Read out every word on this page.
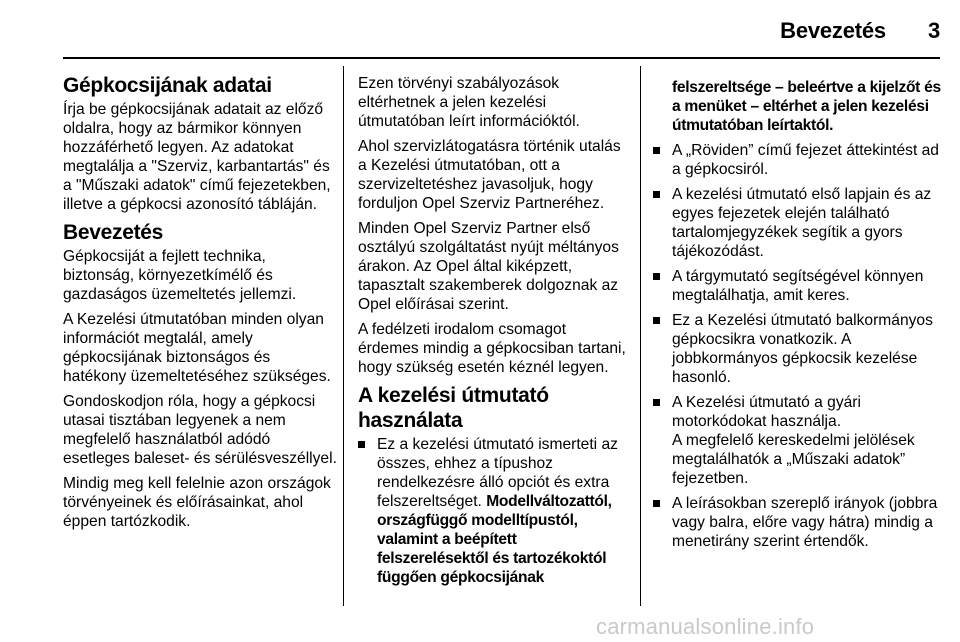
Bevezetés 3
Gépkocsijának adatai

Írja be gépkocsijának adatait az előző oldalra, hogy az bármikor könnyen hozzáférhető legyen. Az adatokat megtalálja a "Szerviz, karbantartás" és a "Műszaki adatok" című fejezetekben, illetve a gépkocsi azonosító tábláján.

Bevezetés

Gépkocsiját a fejlett technika, biztonság, környezetkímélő és gazdaságos üzemeltetés jellemzi.

A Kezelési útmutatóban minden olyan információt megtalál, amely gépkocsijának biztonságos és hatékony üzemeltetéséhez szükséges.

Gondoskodjon róla, hogy a gépkocsi utasai tisztában legyenek a nem megfelelő használatból adódó esetleges baleset- és sérülésveszéllyel.

Mindig meg kell felelnie azon országok törvényeinek és előírásainkat, ahol éppen tartózkodik.

Ezen törvényi szabályozások eltérhetnek a jelen kezelési útmutatóban leírt információktól.

Ahol szervizlátogatásra történik utalás a Kezelési útmutatóban, ott a szervizeltetéshez javasoljuk, hogy forduljon Opel Szerviz Partneréhez.

Minden Opel Szerviz Partner első osztályú szolgáltatást nyújt méltányos árakon. Az Opel által kiképzett, tapasztalt szakemberek dolgoznak az Opel előírásai szerint.

A fedélzeti irodalom csomagot érdemes mindig a gépkocsiban tartani, hogy szükség esetén kéznél legyen.

A kezelési útmutató használata
Ez a kezelési útmutató ismerteti az összes, ehhez a típushoz rendelkezésre álló opciót és extra felszereltséget. Modellváltozattól, országfüggő modelltípustól, valamint a beépített felszerelésektől és tartozékoktól függően gépkocsijának
felszereltsége – beleértve a kijelzőt és a menüket – eltérhet a jelen kezelési útmutatóban leírtaktól.
A „Röviden” című fejezet áttekintést ad a gépkocsiról.
A kezelési útmutató első lapjain és az egyes fejezetek elején található tartalomjegyzékek segítik a gyors tájékozódást.
A tárgymutató segítségével könnyen megtalálhatja, amit keres.
Ez a Kezelési útmutató balkormányos gépkocsikra vonatkozik. A jobbkormányos gépkocsik kezelése hasonló.
A Kezelési útmutató a gyári motorkódokat használja.
A megfelelő kereskedelmi jelölések megtalálhatók a „Műszaki adatok” fejezetben.
A leírásokban szereplő irányok (jobbra vagy balra, előre vagy hátra) mindig a menetirány szerint értendők.
carmanualsonline.info
